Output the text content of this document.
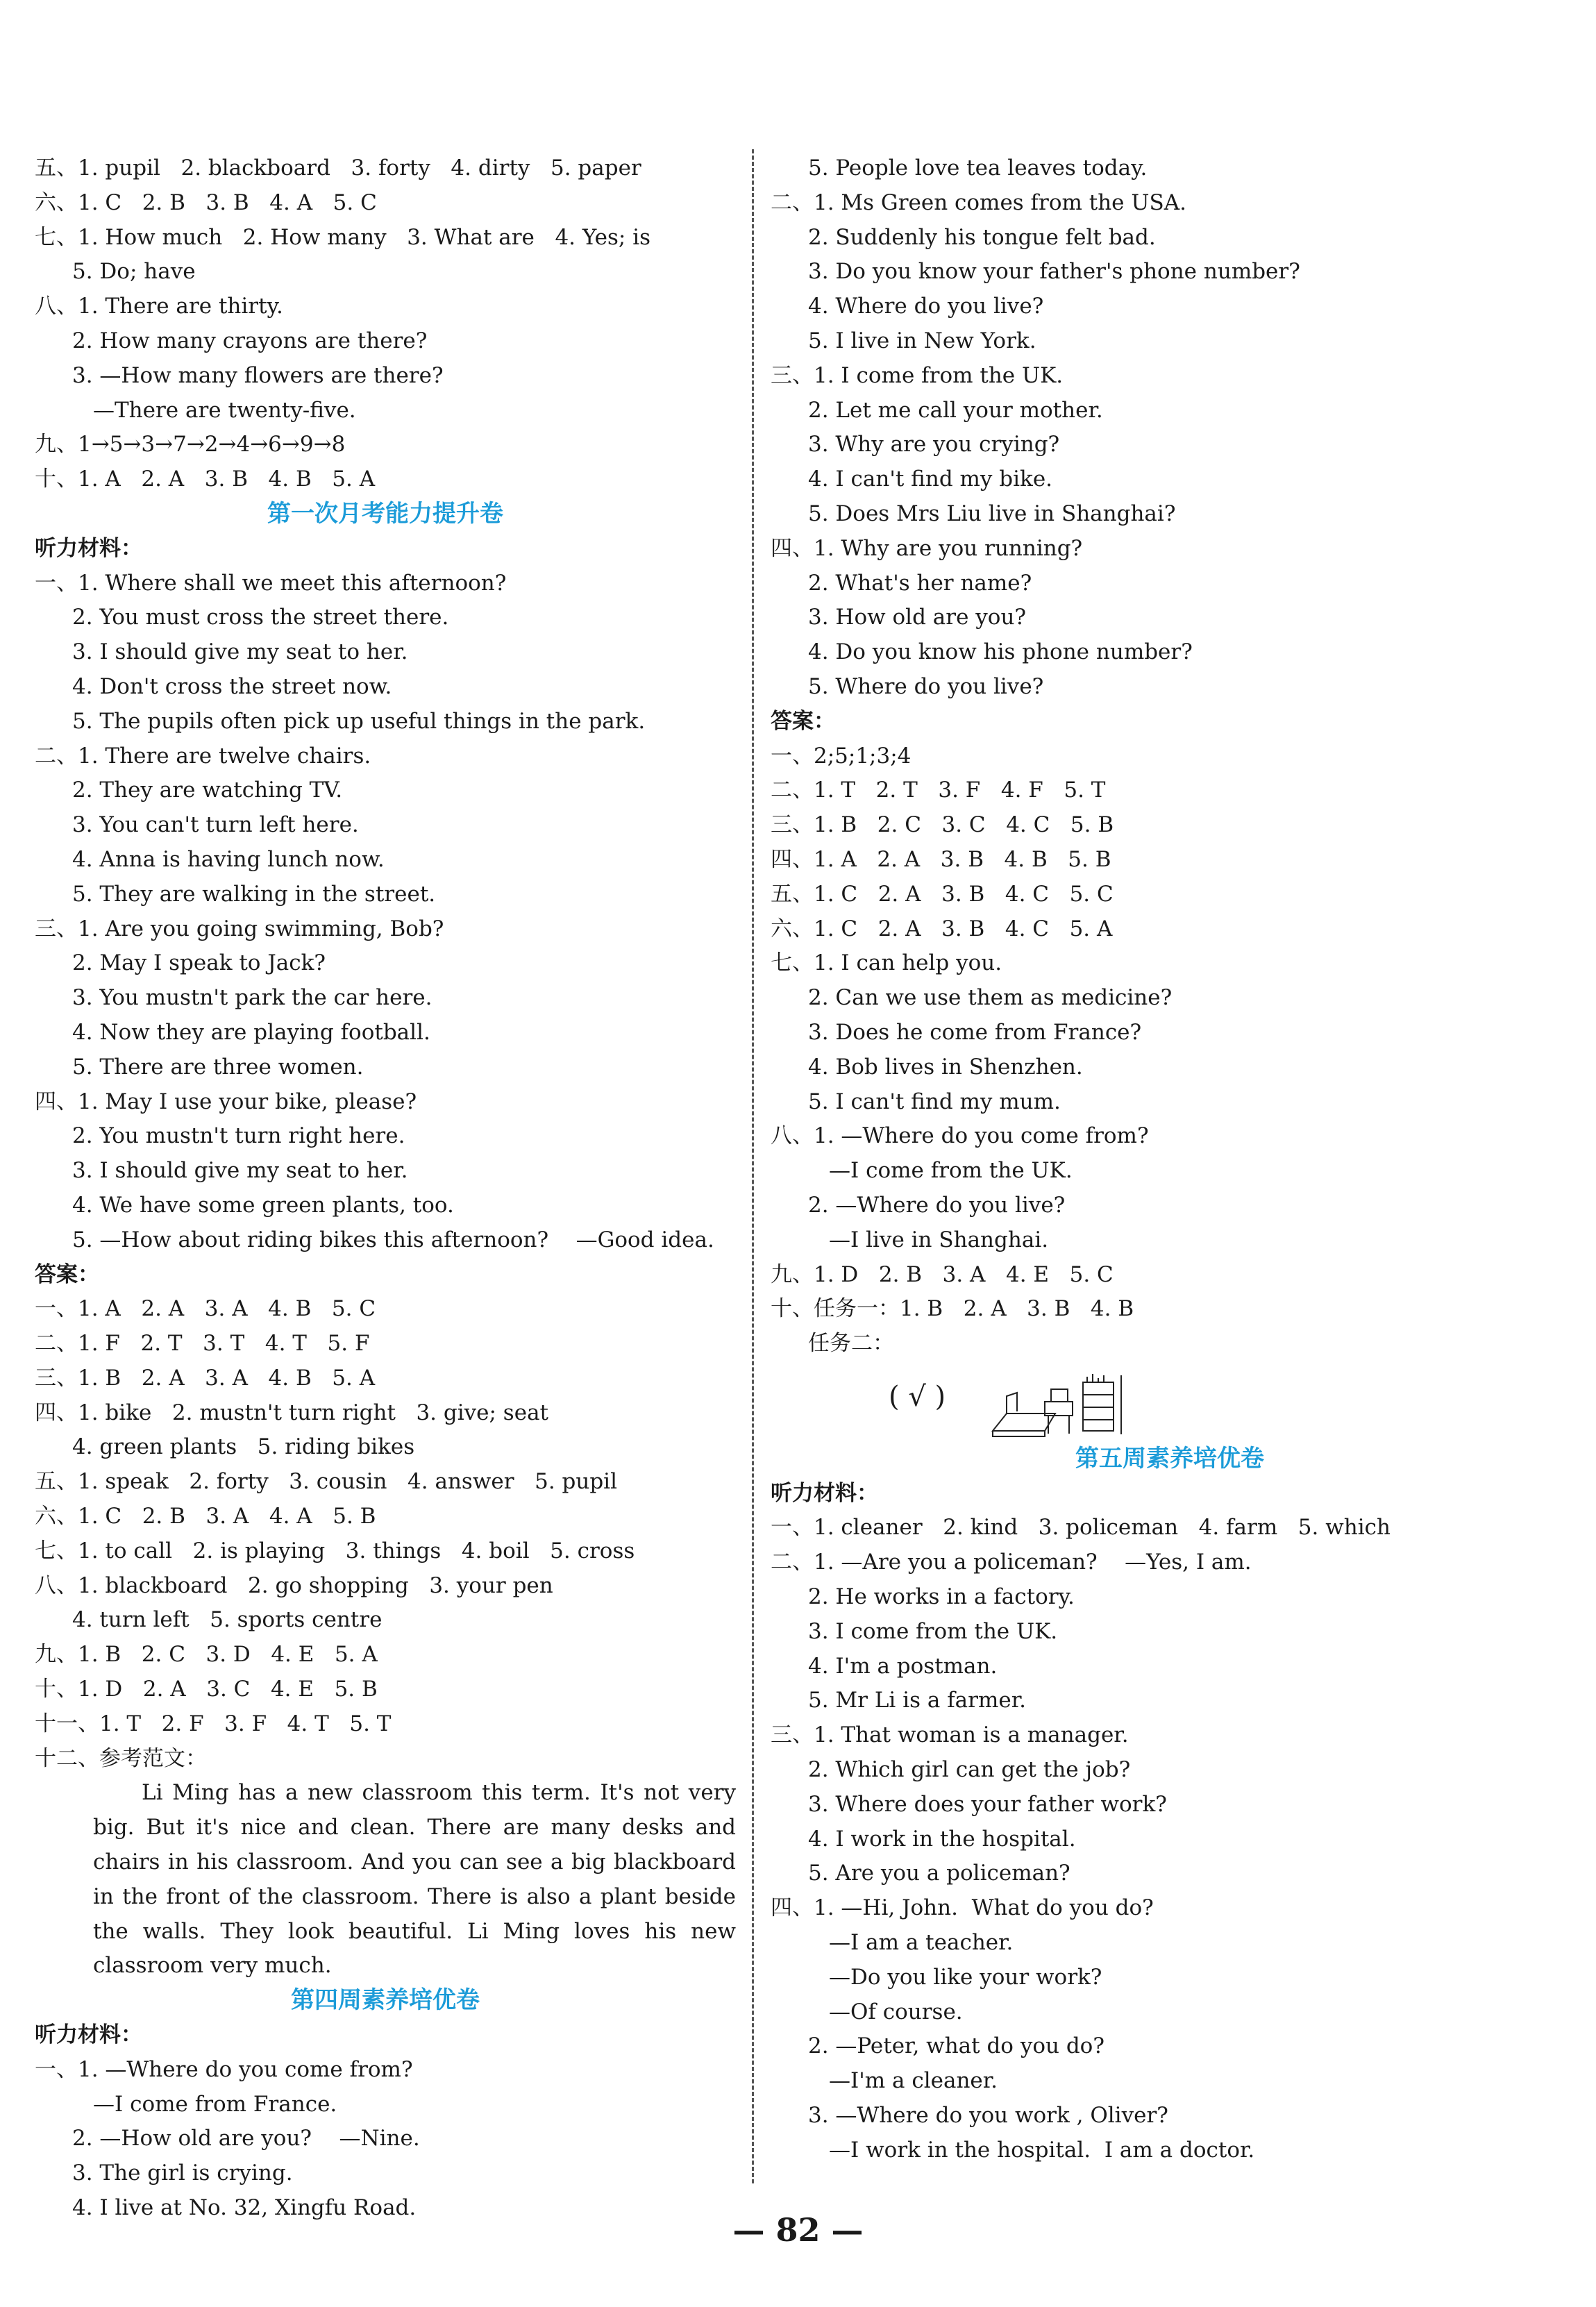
五、1. pupil   2. blackboard   3. forty   4. dirty   5. paper
六、1. C   2. B   3. B   4. A   5. C
七、1. How much   2. How many   3. What are   4. Yes; is
5. Do; have
八、1. There are thirty.
2. How many crayons are there?
3. —How many flowers are there?
—There are twenty-five.
九、1→5→3→7→2→4→6→9→8
十、1. A   2. A   3. B   4. B   5. A
第一次月考能力提升卷
听力材料：
一、1. Where shall we meet this afternoon?
2. You must cross the street there.
3. I should give my seat to her.
4. Don't cross the street now.
5. The pupils often pick up useful things in the park.
二、1. There are twelve chairs.
2. They are watching TV.
3. You can't turn left here.
4. Anna is having lunch now.
5. They are walking in the street.
三、1. Are you going swimming, Bob?
2. May I speak to Jack?
3. You mustn't park the car here.
4. Now they are playing football.
5. There are three women.
四、1. May I use your bike, please?
2. You mustn't turn right here.
3. I should give my seat to her.
4. We have some green plants, too.
5. —How about riding bikes this afternoon?    —Good idea.
答案：
一、1. A   2. A   3. A   4. B   5. C
二、1. F   2. T   3. T   4. T   5. F
三、1. B   2. A   3. A   4. B   5. A
四、1. bike   2. mustn't turn right   3. give; seat
4. green plants   5. riding bikes
五、1. speak   2. forty   3. cousin   4. answer   5. pupil
六、1. C   2. B   3. A   4. A   5. B
七、1. to call   2. is playing   3. things   4. boil   5. cross
八、1. blackboard   2. go shopping   3. your pen
4. turn left   5. sports centre
九、1. B   2. C   3. D   4. E   5. A
十、1. D   2. A   3. C   4. E   5. B
十一、1. T   2. F   3. F   4. T   5. T
十二、参考范文：
Li Ming has a new classroom this term. It's not very big. But it's nice and clean. There are many desks and chairs in his classroom. And you can see a big blackboard in the front of the classroom. There is also a plant beside the walls. They look beautiful. Li Ming loves his new classroom very much.
第四周素养培优卷
听力材料：
一、1. —Where do you come from?
—I come from France.
2. —How old are you?    —Nine.
3. The girl is crying.
4. I live at No. 32, Xingfu Road.
5. People love tea leaves today.
二、1. Ms Green comes from the USA.
2. Suddenly his tongue felt bad.
3. Do you know your father's phone number?
4. Where do you live?
5. I live in New York.
三、1. I come from the UK.
2. Let me call your mother.
3. Why are you crying?
4. I can't find my bike.
5. Does Mrs Liu live in Shanghai?
四、1. Why are you running?
2. What's her name?
3. How old are you?
4. Do you know his phone number?
5. Where do you live?
答案：
一、2;5;1;3;4
二、1. T   2. T   3. F   4. F   5. T
三、1. B   2. C   3. C   4. C   5. B
四、1. A   2. A   3. B   4. B   5. B
五、1. C   2. A   3. B   4. C   5. C
六、1. C   2. A   3. B   4. C   5. A
七、1. I can help you.
2. Can we use them as medicine?
3. Does he come from France?
4. Bob lives in Shenzhen.
5. I can't find my mum.
八、1. —Where do you come from?
—I come from the UK.
2. —Where do you live?
—I live in Shanghai.
九、1. D   2. B   3. A   4. E   5. C
十、任务一：1. B   2. A   3. B   4. B
任务二：
( √ )
第五周素养培优卷
听力材料：
一、1. cleaner   2. kind   3. policeman   4. farm   5. which
二、1. —Are you a policeman?    —Yes, I am.
2. He works in a factory.
3. I come from the UK.
4. I'm a postman.
5. Mr Li is a farmer.
三、1. That woman is a manager.
2. Which girl can get the job?
3. Where does your father work?
4. I work in the hospital.
5. Are you a policeman?
四、1. —Hi, John.  What do you do?
—I am a teacher.
—Do you like your work?
—Of course.
2. —Peter, what do you do?
—I'm a cleaner.
3. —Where do you work , Oliver?
—I work in the hospital.  I am a doctor.
— 82 —
